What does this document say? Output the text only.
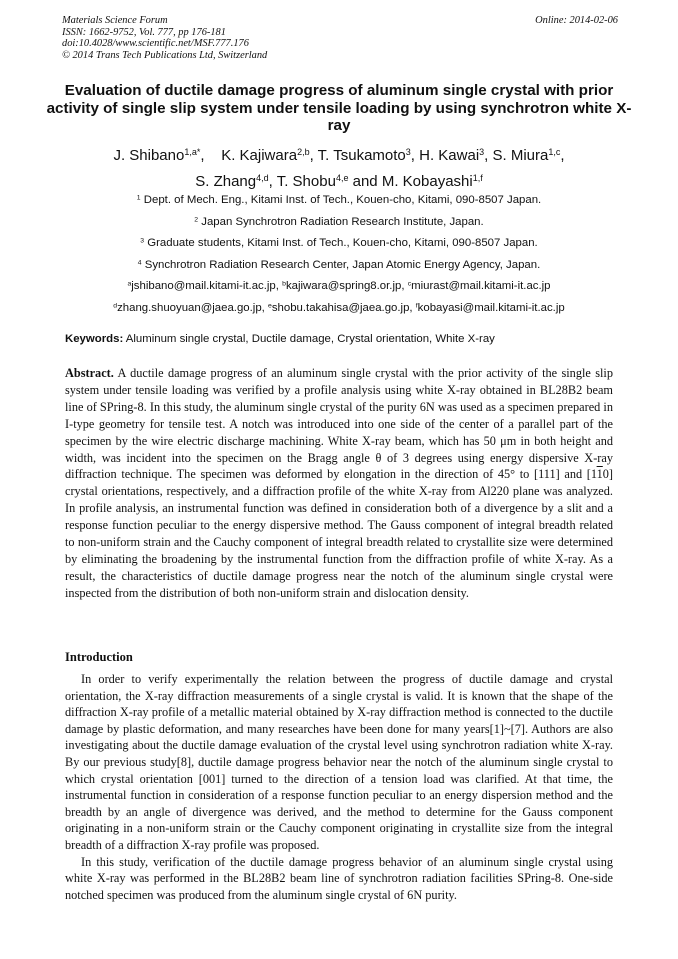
Materials Science Forum
ISSN: 1662-9752, Vol. 777, pp 176-181
doi:10.4028/www.scientific.net/MSF.777.176
© 2014 Trans Tech Publications Ltd, Switzerland
Online: 2014-02-06
Evaluation of ductile damage progress of aluminum single crystal with prior activity of single slip system under tensile loading by using synchrotron white X-ray
J. Shibano$^{1,a*}$,    K. Kajiwara$^{2,b}$, T. Tsukamoto$^3$, H. Kawai$^3$, S. Miura$^{1,c}$,
S. Zhang$^{4,d}$, T. Shobu$^{4,e}$ and M. Kobayashi$^{1,f}$
$^1$ Dept. of Mech. Eng., Kitami Inst. of Tech., Kouen-cho, Kitami, 090-8507 Japan.
$^2$ Japan Synchrotron Radiation Research Institute, Japan.
$^3$ Graduate students, Kitami Inst. of Tech., Kouen-cho, Kitami, 090-8507 Japan.
$^4$ Synchrotron Radiation Research Center, Japan Atomic Energy Agency, Japan.
$^a$jshibano@mail.kitami-it.ac.jp, $^b$kajiwara@spring8.or.jp, $^c$miurast@mail.kitami-it.ac.jp
$^d$zhang.shuoyuan@jaea.go.jp, $^e$shobu.takahisa@jaea.go.jp, $^f$kobayasi@mail.kitami-it.ac.jp
Keywords: Aluminum single crystal, Ductile damage, Crystal orientation, White X-ray
Abstract. A ductile damage progress of an aluminum single crystal with the prior activity of the single slip system under tensile loading was verified by a profile analysis using white X-ray obtained in BL28B2 beam line of SPring-8. In this study, the aluminum single crystal of the purity 6N was used as a specimen prepared in I-type geometry for tensile test. A notch was introduced into one side of the center of a parallel part of the specimen by the wire electric discharge machining. White X-ray beam, which has 50 μm in both height and width, was incident into the specimen on the Bragg angle θ of 3 degrees using energy dispersive X-ray diffraction technique. The specimen was deformed by elongation in the direction of 45° to [111] and [110] crystal orientations, respectively, and a diffraction profile of the white X-ray from Al220 plane was analyzed. In profile analysis, an instrumental function was defined in consideration both of a divergence by a slit and a response function peculiar to the energy dispersive method. The Gauss component of integral breadth related to non-uniform strain and the Cauchy component of integral breadth related to crystallite size were determined by eliminating the broadening by the instrumental function from the diffraction profile of white X-ray. As a result, the characteristics of ductile damage progress near the notch of the aluminum single crystal were inspected from the distribution of both non-uniform strain and dislocation density.
Introduction

In order to verify experimentally the relation between the progress of ductile damage and crystal orientation, the X-ray diffraction measurements of a single crystal is valid. It is known that the shape of the diffraction X-ray profile of a metallic material obtained by X-ray diffraction method is connected to the ductile damage by plastic deformation, and many researches have been done for many years[1]~[7]. Authors are also investigating about the ductile damage evaluation of the crystal level using synchrotron radiation white X-ray. By our previous study[8], ductile damage progress behavior near the notch of the aluminum single crystal to which crystal orientation [001] turned to the direction of a tension load was clarified. At that time, the instrumental function in consideration of a response function peculiar to an energy dispersion method and the breadth by an angle of divergence was derived, and the method to determine for the Gauss component originating in a non-uniform strain or the Cauchy component originating in crystallite size from the integral breadth of a diffraction X-ray profile was proposed.

In this study, verification of the ductile damage progress behavior of an aluminum single crystal using white X-ray was performed in the BL28B2 beam line of synchrotron radiation facilities SPring-8. One-side notched specimen was produced from the aluminum single crystal of 6N purity.
